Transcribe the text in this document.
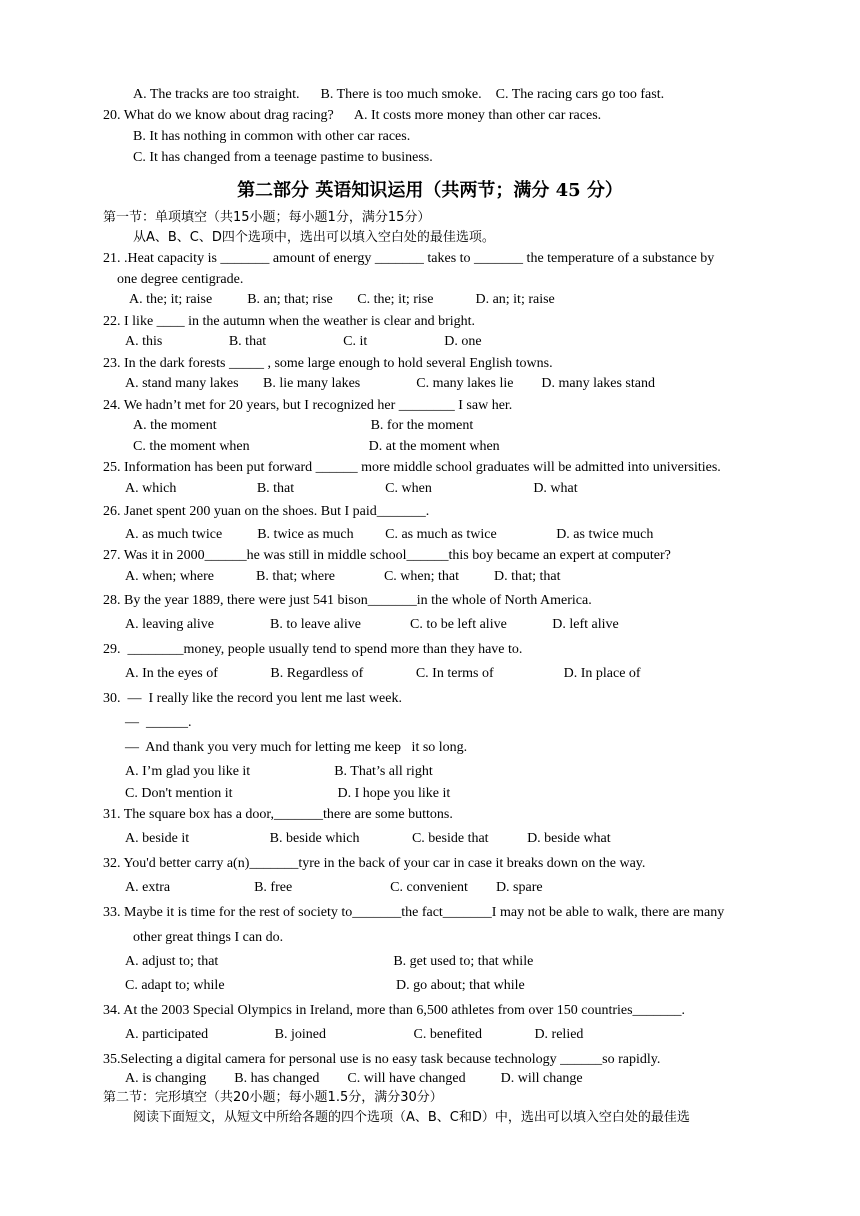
A. The tracks are too straight.      B. There is too much smoke.    C. The racing cars go too fast.
20. What do we know about drag racing?      A. It costs more money than other car races.
B. It has nothing in common with other car races.
C. It has changed from a teenage pastime to business.
第二部分 英语知识运用（共两节；满分 45 分）
第一节：单项填空（共15小题；每小题1分，满分15分）
从A、B、C、D四个选项中，选出可以填入空白处的最佳选项。
21. .Heat capacity is _______ amount of energy _______ takes to _______ the temperature of a substance by
one degree centigrade.
A. the; it; raise          B. an; that; rise       C. the; it; rise            D. an; it; raise
22. I like ____ in the autumn when the weather is clear and bright.
A. this                   B. that                      C. it                      D. one
23. In the dark forests _____ , some large enough to hold several English towns.
A. stand many lakes       B. lie many lakes                C. many lakes lie        D. many lakes stand
24. We hadn’t met for 20 years, but I recognized her ________ I saw her.
A. the moment                                            B. for the moment
C. the moment when                                  D. at the moment when
25. Information has been put forward ______ more middle school graduates will be admitted into universities.
A. which                       B. that                          C. when                             D. what
26. Janet spent 200 yuan on the shoes. But I paid_______.
A. as much twice          B. twice as much         C. as much as twice                 D. as twice much
27. Was it in 2000______he was still in middle school______this boy became an expert at computer?
A. when; where            B. that; where              C. when; that          D. that; that
28. By the year 1889, there were just 541 bison_______in the whole of North America.
A. leaving alive                B. to leave alive              C. to be left alive             D. left alive
29.  ________money, people usually tend to spend more than they have to.
A. In the eyes of               B. Regardless of               C. In terms of                    D. In place of
30.  —  I really like the record you lent me last week.
—  ______.
—  And thank you very much for letting me keep   it so long.
A. I’m glad you like it                        B. That’s all right
C. Don't mention it                              D. I hope you like it
31. The square box has a door,_______there are some buttons.
A. beside it                       B. beside which               C. beside that           D. beside what
32. You'd better carry a(n)_______tyre in the back of your car in case it breaks down on the way.
A. extra                        B. free                            C. convenient        D. spare
33. Maybe it is time for the rest of society to_______the fact_______I may not be able to walk, there are many
other great things I can do.
A. adjust to; that                                                  B. get used to; that while
C. adapt to; while                                                 D. go about; that while
34. At the 2003 Special Olympics in Ireland, more than 6,500 athletes from over 150 countries_______.
A. participated                   B. joined                         C. benefited               D. relied
35.Selecting a digital camera for personal use is no easy task because technology ______so rapidly.
A. is changing        B. has changed        C. will have changed          D. will change
第二节：完形填空（共20小题；每小题1.5分，满分30分）
阅读下面短文，从短文中所给各题的四个选项（A、B、C和D）中，选出可以填入空白处的最佳选
